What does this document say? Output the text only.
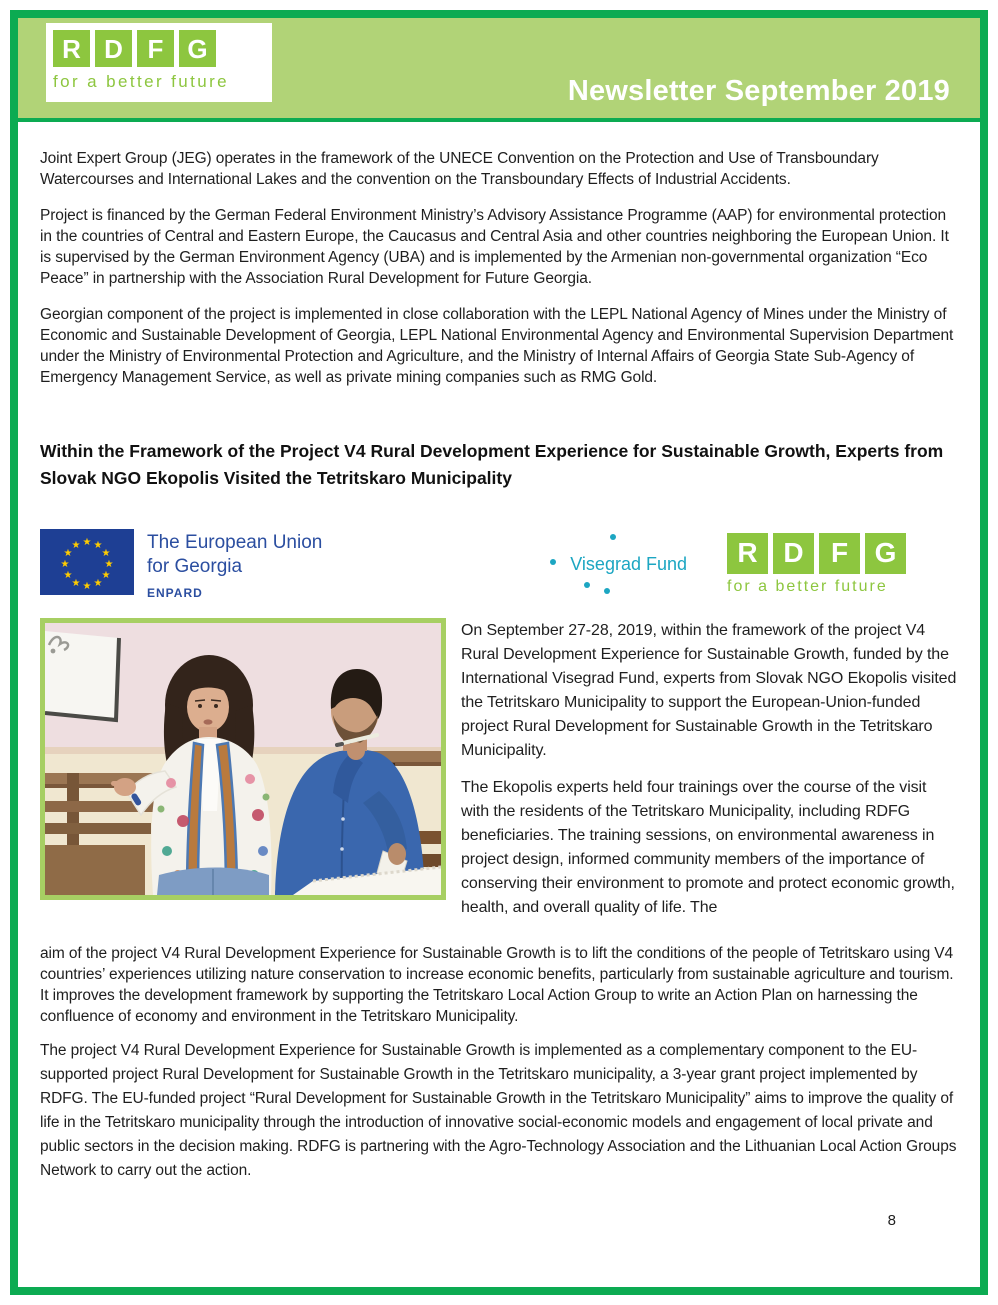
R D F G
for a better future	Newsletter September 2019

Joint Expert Group (JEG) operates in the framework of the UNECE Convention on the Protection and Use of Transboundary Watercourses and International Lakes and the convention on the Transboundary Effects of Industrial Accidents.

Project is financed by the German Federal Environment Ministry’s Advisory Assistance Programme (AAP) for environmental protection in the countries of Central and Eastern Europe, the Caucasus and Central Asia and other countries neighboring the European Union. It is supervised by the German Environment Agency (UBA) and is implemented by the Armenian non-governmental organization “Eco Peace” in partnership with the Association Rural Development for Future Georgia.

Georgian component of the project is implemented in close collaboration with the LEPL National Agency of Mines under the Ministry of Economic and Sustainable Development of Georgia, LEPL National Environmental Agency and Environmental Supervision Department under the Ministry of Environmental Protection and Agriculture, and the Ministry of Internal Affairs of Georgia State Sub-Agency of Emergency Management Service, as well as private mining companies such as RMG Gold.

Within the Framework of the Project V4 Rural Development Experience for Sustainable Growth, Experts from Slovak NGO Ekopolis Visited the Tetritskaro Municipality
★ ★
★
★
★
★
★
★
★
★
★
★	The European Union
for Georgia
ENPARD
Visegrad Fund	R D F G
for a better future

On September 27-28, 2019, within the framework of the project V4 Rural Development Experience for Sustainable Growth, funded by the International Visegrad Fund, experts from Slovak NGO Ekopolis visited the Tetritskaro Municipality to support the European-Union-funded project Rural Development for Sustainable Growth in the Tetritskaro Municipality.

The Ekopolis experts held four trainings over the course of the visit with the residents of the Tetritskaro Municipality, including RDFG beneficiaries. The training sessions, on environmental awareness in project design, informed community members of the importance of conserving their environment to promote and protect economic growth, health, and overall quality of life. The

aim of the project V4 Rural Development Experience for Sustainable Growth is to lift the conditions of the people of Tetritskaro using V4 countries’ experiences utilizing nature conservation to increase economic benefits, particularly from sustainable agriculture and tourism. It improves the development framework by supporting the Tetritskaro Local Action Group to write an Action Plan on harnessing the confluence of economy and environment in the Tetritskaro Municipality.

The project V4 Rural Development Experience for Sustainable Growth is implemented as a complementary component to the EU-supported project Rural Development for Sustainable Growth in the Tetritskaro municipality, a 3-year grant project implemented by RDFG. The EU-funded project “Rural Development for Sustainable Growth in the Tetritskaro Municipality” aims to improve the quality of life in the Tetritskaro municipality through the introduction of innovative social-economic models and engagement of local private and public sectors in the decision making. RDFG is partnering with the Agro-Technology Association and the Lithuanian Local Action Groups Network to carry out the action.

8
